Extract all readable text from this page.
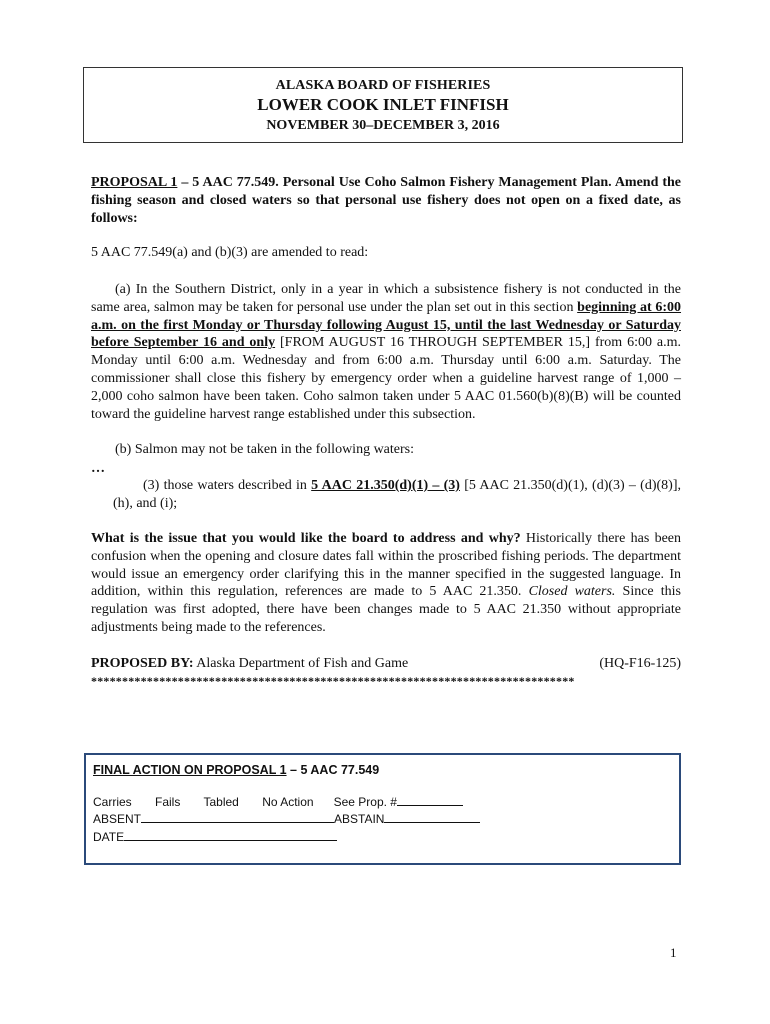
ALASKA BOARD OF FISHERIES
LOWER COOK INLET FINFISH
NOVEMBER 30–DECEMBER 3, 2016
PROPOSAL 1 – 5 AAC 77.549. Personal Use Coho Salmon Fishery Management Plan. Amend the fishing season and closed waters so that personal use fishery does not open on a fixed date, as follows:
5 AAC 77.549(a) and (b)(3) are amended to read:
(a) In the Southern District, only in a year in which a subsistence fishery is not conducted in the same area, salmon may be taken for personal use under the plan set out in this section beginning at 6:00 a.m. on the first Monday or Thursday following August 15, until the last Wednesday or Saturday before September 16 and only [FROM AUGUST 16 THROUGH SEPTEMBER 15,] from 6:00 a.m. Monday until 6:00 a.m. Wednesday and from 6:00 a.m. Thursday until 6:00 a.m. Saturday. The commissioner shall close this fishery by emergency order when a guideline harvest range of 1,000 – 2,000 coho salmon have been taken. Coho salmon taken under 5 AAC 01.560(b)(8)(B) will be counted toward the guideline harvest range established under this subsection.
(b) Salmon may not be taken in the following waters:
…
(3) those waters described in 5 AAC 21.350(d)(1) – (3) [5 AAC 21.350(d)(1), (d)(3) – (d)(8)], (h), and (i);
What is the issue that you would like the board to address and why? Historically there has been confusion when the opening and closure dates fall within the proscribed fishing periods. The department would issue an emergency order clarifying this in the manner specified in the suggested language. In addition, within this regulation, references are made to 5 AAC 21.350. Closed waters. Since this regulation was first adopted, there have been changes made to 5 AAC 21.350 without appropriate adjustments being made to the references.
PROPOSED BY: Alaska Department of Fish and Game	(HQ-F16-125)
******************************************************************************
FINAL ACTION ON PROPOSAL 1 – 5 AAC 77.549
Carries Fails Tabled No Action See Prop. #
ABSENT	ABSTAIN
DATE
1
